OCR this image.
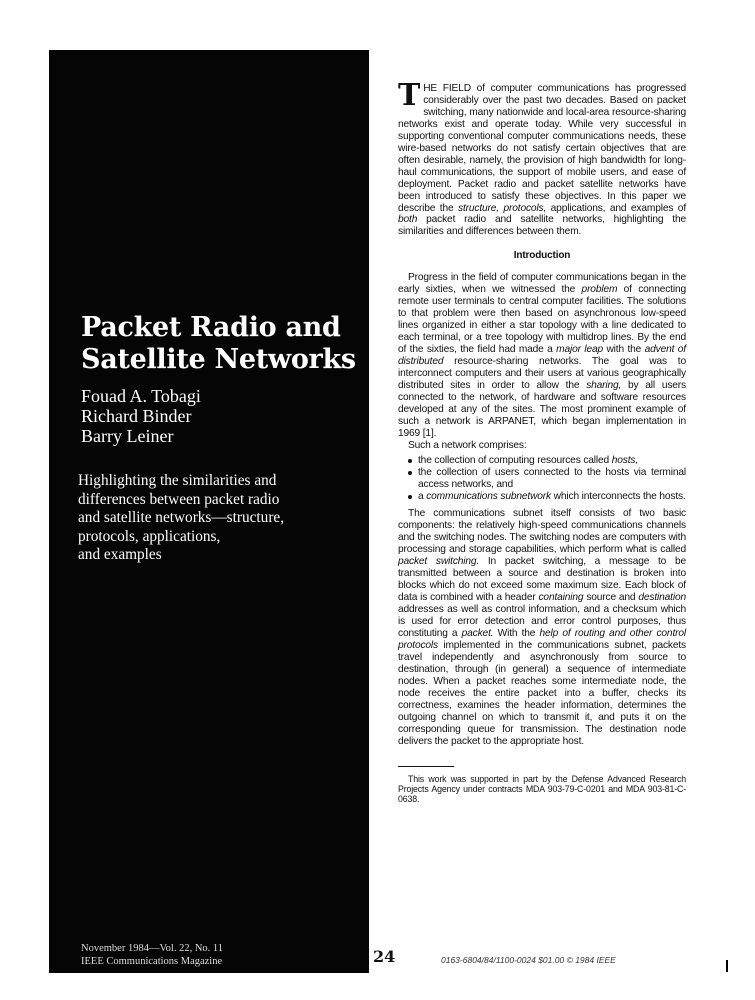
Packet Radio and
Satellite Networks
Fouad A. Tobagi
Richard Binder
Barry Leiner
Highlighting the similarities and
differences between packet radio
and satellite networks—structure,
protocols, applications,
and examples
November 1984—Vol. 22, No. 11
IEEE Communications Magazine	24	0163-6804/84/1100-0024 $01.00 © 1984 IEEE

THE FIELD of computer communications has progressed considerably over the past two decades. Based on packet switching, many nationwide and local-area resource-sharing networks exist and operate today. While very successful in supporting conventional computer communications needs, these wire-based networks do not satisfy certain objectives that are often desirable, namely, the provision of high bandwidth for long-haul communications, the support of mobile users, and ease of deployment. Packet radio and packet satellite networks have been introduced to satisfy these objectives. In this paper we describe the structure, protocols, applications, and examples of both packet radio and satellite networks, highlighting the similarities and differences between them.

Introduction

Progress in the field of computer communications began in the early sixties, when we witnessed the problem of connecting remote user terminals to central computer facilities. The solutions to that problem were then based on asynchronous low-speed lines organized in either a star topology with a line dedicated to each terminal, or a tree topology with multidrop lines. By the end of the sixties, the field had made a major leap with the advent of distributed resource-sharing networks. The goal was to interconnect computers and their users at various geographically distributed sites in order to allow the sharing, by all users connected to the network, of hardware and software resources developed at any of the sites. The most prominent example of such a network is ARPANET, which began implementation in 1969 [1].

Such a network comprises:

the collection of computing resources called hosts,
the collection of users connected to the hosts via terminal access networks, and
a communications subnetwork which interconnects the hosts.

The communications subnet itself consists of two basic components: the relatively high-speed communications channels and the switching nodes. The switching nodes are computers with processing and storage capabilities, which perform what is called packet switching. In packet switching, a message to be transmitted between a source and destination is broken into blocks which do not exceed some maximum size. Each block of data is combined with a header containing source and destination addresses as well as control information, and a checksum which is used for error detection and error control purposes, thus constituting a packet. With the help of routing and other control protocols implemented in the communications subnet, packets travel independently and asynchronously from source to destination, through (in general) a sequence of intermediate nodes. When a packet reaches some intermediate node, the node receives the entire packet into a buffer, checks its correctness, examines the header information, determines the outgoing channel on which to transmit it, and puts it on the corresponding queue for transmission. The destination node delivers the packet to the appropriate host.

This work was supported in part by the Defense Advanced Research Projects Agency under contracts MDA 903-79-C-0201 and MDA 903-81-C-0638.
